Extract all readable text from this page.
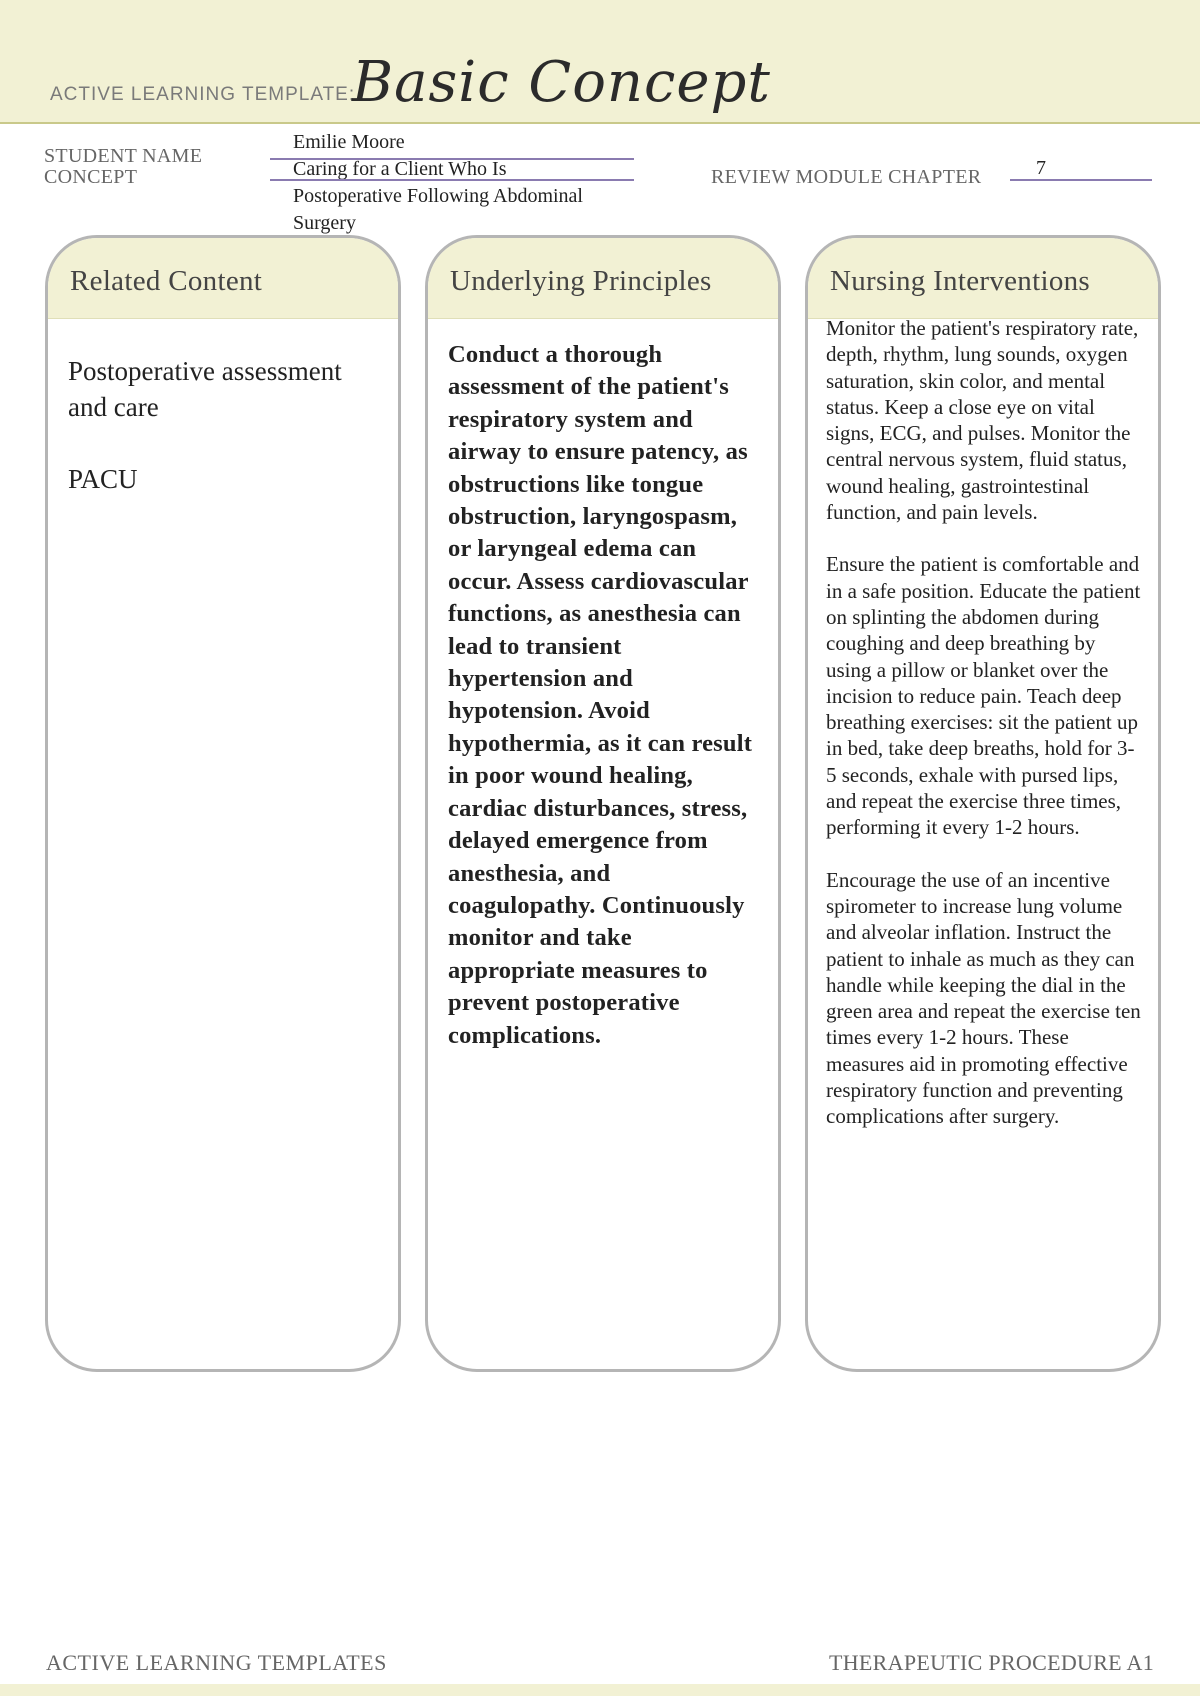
ACTIVE LEARNING TEMPLATE:
Basic Concept
STUDENT NAME
Emilie Moore
CONCEPT	Caring for a Client Who Is
Postoperative Following Abdominal
Surgery
REVIEW MODULE CHAPTER	7
Related Content
Postoperative assessment and care
PACU
Underlying Principles
Conduct a thorough assessment of the patient's respiratory system and airway to ensure patency, as obstructions like tongue obstruction, laryngospasm, or laryngeal edema can occur. Assess cardiovascular functions, as anesthesia can lead to transient hypertension and hypotension. Avoid hypothermia, as it can result in poor wound healing, cardiac disturbances, stress, delayed emergence from anesthesia, and coagulopathy. Continuously monitor and take appropriate measures to prevent postoperative complications.
Nursing Interventions
Monitor the patient's respiratory rate, depth, rhythm, lung sounds, oxygen saturation, skin color, and mental status. Keep a close eye on vital signs, ECG, and pulses. Monitor the central nervous system, fluid status, wound healing, gastrointestinal function, and pain levels.
Ensure the patient is comfortable and in a safe position. Educate the patient on splinting the abdomen during coughing and deep breathing by using a pillow or blanket over the incision to reduce pain. Teach deep breathing exercises: sit the patient up in bed, take deep breaths, hold for 3-5 seconds, exhale with pursed lips, and repeat the exercise three times, performing it every 1-2 hours.
Encourage the use of an incentive spirometer to increase lung volume and alveolar inflation. Instruct the patient to inhale as much as they can handle while keeping the dial in the green area and repeat the exercise ten times every 1-2 hours. These measures aid in promoting effective respiratory function and preventing complications after surgery.
ACTIVE LEARNING TEMPLATES	THERAPEUTIC PROCEDURE A1
